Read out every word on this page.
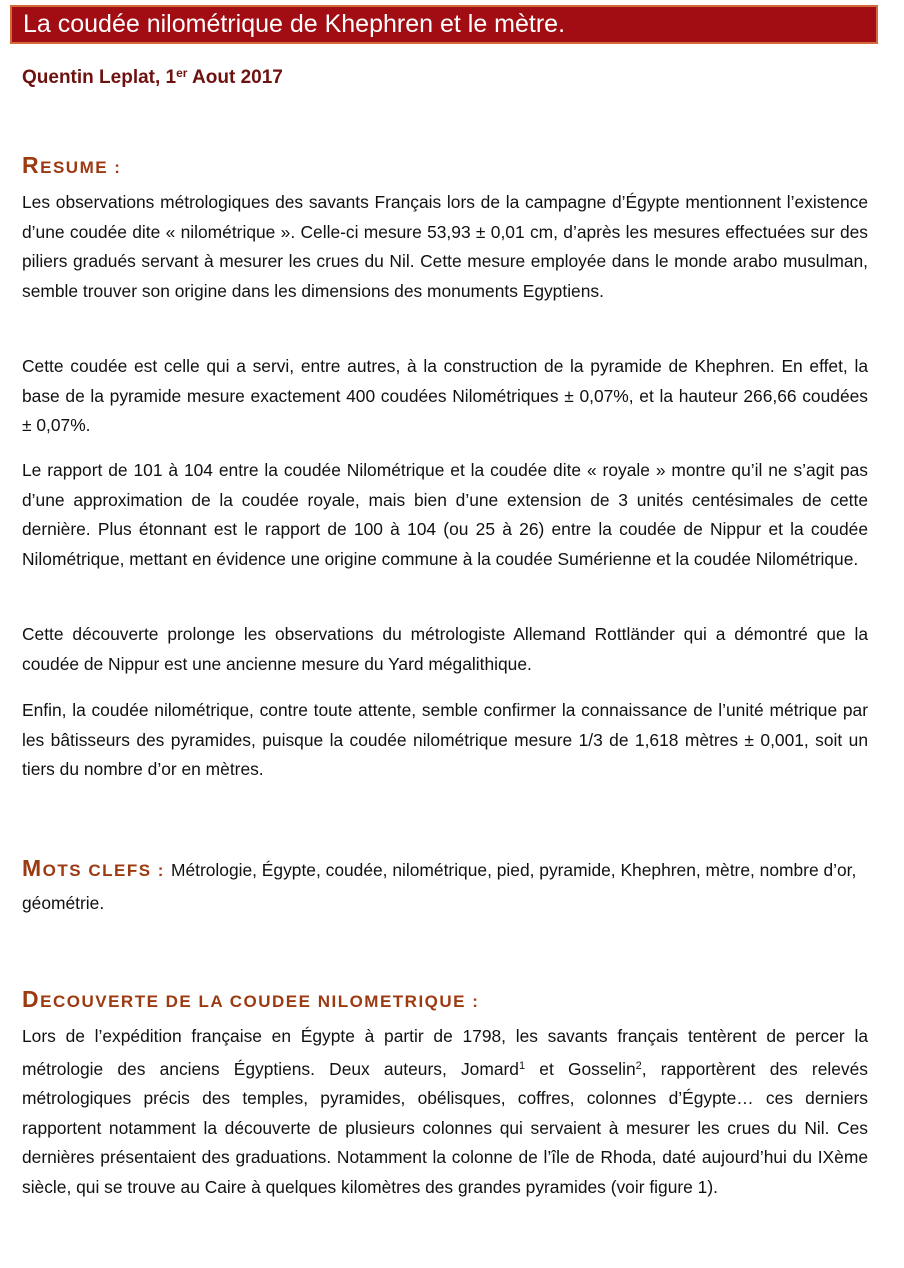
La coudée nilométrique de Khephren et le mètre.
Quentin Leplat, 1er Aout 2017
RESUME :

Les observations métrologiques des savants Français lors de la campagne d’Égypte mentionnent l’existence d’une coudée dite « nilométrique ». Celle-ci mesure 53,93 ± 0,01 cm, d’après les mesures effectuées sur des piliers gradués servant à mesurer les crues du Nil. Cette mesure employée dans le monde arabo musulman, semble trouver son origine dans les dimensions des monuments Egyptiens.

Cette coudée est celle qui a servi, entre autres, à la construction de la pyramide de Khephren. En effet, la base de la pyramide mesure exactement 400 coudées Nilométriques ± 0,07%, et la hauteur 266,66 coudées ± 0,07%.

Le rapport de 101 à 104 entre la coudée Nilométrique et la coudée dite « royale » montre qu’il ne s’agit pas d’une approximation de la coudée royale, mais bien d’une extension de 3 unités centésimales de cette dernière. Plus étonnant est le rapport de 100 à 104 (ou 25 à 26) entre la coudée de Nippur et la coudée Nilométrique, mettant en évidence une origine commune à la coudée Sumérienne et la coudée Nilométrique.

Cette découverte prolonge les observations du métrologiste Allemand Rottländer qui a démontré que la coudée de Nippur est une ancienne mesure du Yard mégalithique.

Enfin, la coudée nilométrique, contre toute attente, semble confirmer la connaissance de l’unité métrique par les bâtisseurs des pyramides, puisque la coudée nilométrique mesure 1/3 de 1,618 mètres ± 0,001, soit un tiers du nombre d’or en mètres.

MOTS CLEFS : Métrologie, Égypte, coudée, nilométrique, pied, pyramide, Khephren, mètre, nombre d’or, géométrie.

DECOUVERTE DE LA COUDEE NILOMETRIQUE :

Lors de l’expédition française en Égypte à partir de 1798, les savants français tentèrent de percer la métrologie des anciens Égyptiens. Deux auteurs, Jomard$^1$ et Gosselin$^2$, rapportèrent des relevés métrologiques précis des temples, pyramides, obélisques, coffres, colonnes d’Égypte… ces derniers rapportent notamment la découverte de plusieurs colonnes qui servaient à mesurer les crues du Nil. Ces dernières présentaient des graduations. Notamment la colonne de l’île de Rhoda, daté aujourd’hui du IXème siècle, qui se trouve au Caire à quelques kilomètres des grandes pyramides (voir figure 1).
